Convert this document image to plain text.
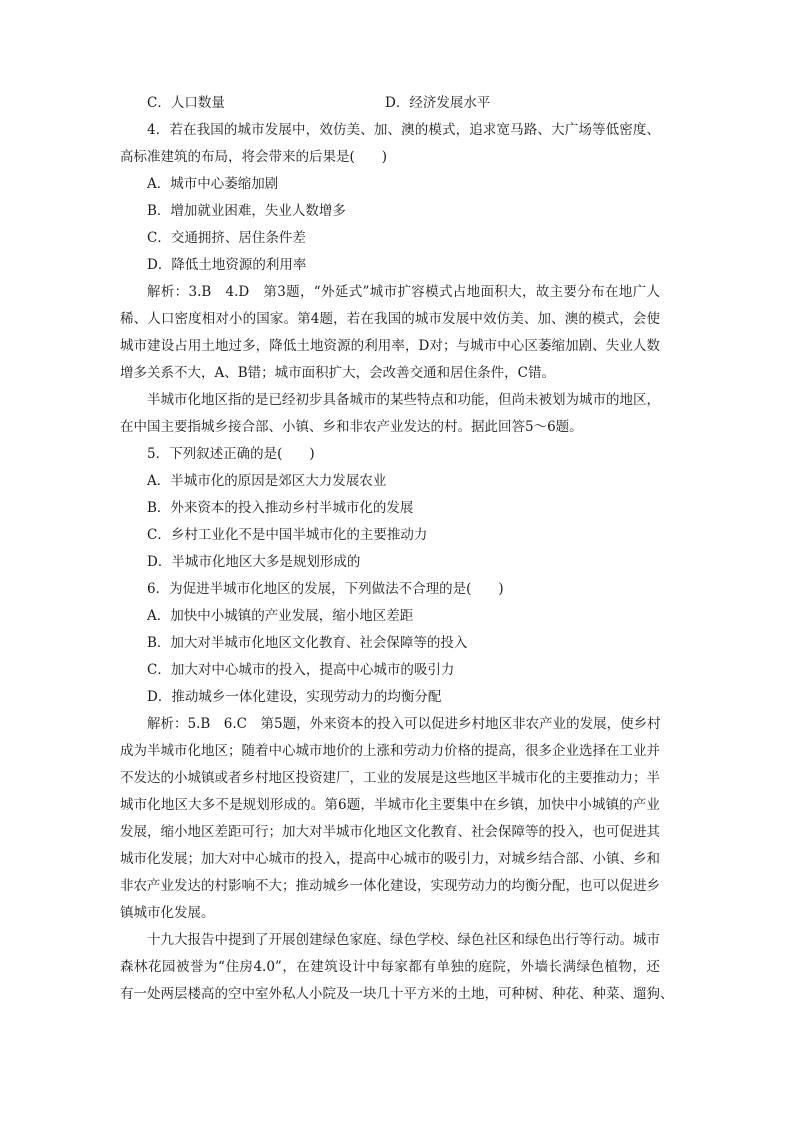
C．人口数量	D．经济发展水平
4．若在我国的城市发展中，效仿美、加、澳的模式，追求宽马路、大广场等低密度、
高标准建筑的布局，将会带来的后果是(　　)
A．城市中心萎缩加剧
B．增加就业困难，失业人数增多
C．交通拥挤、居住条件差
D．降低土地资源的利用率
解析：3.B　4.D　第3题，“外延式”城市扩容模式占地面积大，故主要分布在地广人
稀、人口密度相对小的国家。第4题，若在我国的城市发展中效仿美、加、澳的模式，会使
城市建设占用土地过多，降低土地资源的利用率，D对；与城市中心区萎缩加剧、失业人数
增多关系不大，A、B错；城市面积扩大，会改善交通和居住条件，C错。
半城市化地区指的是已经初步具备城市的某些特点和功能，但尚未被划为城市的地区，
在中国主要指城乡接合部、小镇、乡和非农产业发达的村。据此回答5～6题。
5．下列叙述正确的是(　　)
A．半城市化的原因是郊区大力发展农业
B．外来资本的投入推动乡村半城市化的发展
C．乡村工业化不是中国半城市化的主要推动力
D．半城市化地区大多是规划形成的
6．为促进半城市化地区的发展，下列做法不合理的是(　　)
A．加快中小城镇的产业发展，缩小地区差距
B．加大对半城市化地区文化教育、社会保障等的投入
C．加大对中心城市的投入，提高中心城市的吸引力
D．推动城乡一体化建设，实现劳动力的均衡分配
解析：5.B　6.C　第5题，外来资本的投入可以促进乡村地区非农产业的发展，使乡村
成为半城市化地区；随着中心城市地价的上涨和劳动力价格的提高，很多企业选择在工业并
不发达的小城镇或者乡村地区投资建厂，工业的发展是这些地区半城市化的主要推动力；半
城市化地区大多不是规划形成的。第6题，半城市化主要集中在乡镇，加快中小城镇的产业
发展，缩小地区差距可行；加大对半城市化地区文化教育、社会保障等的投入，也可促进其
城市化发展；加大对中心城市的投入，提高中心城市的吸引力，对城乡结合部、小镇、乡和
非农产业发达的村影响不大；推动城乡一体化建设，实现劳动力的均衡分配，也可以促进乡
镇城市化发展。
十九大报告中提到了开展创建绿色家庭、绿色学校、绿色社区和绿色出行等行动。城市
森林花园被誉为“住房4.0”，在建筑设计中每家都有单独的庭院，外墙长满绿色植物，还
有一处两层楼高的空中室外私人小院及一块几十平方米的土地，可种树、种花、种菜、遛狗、
